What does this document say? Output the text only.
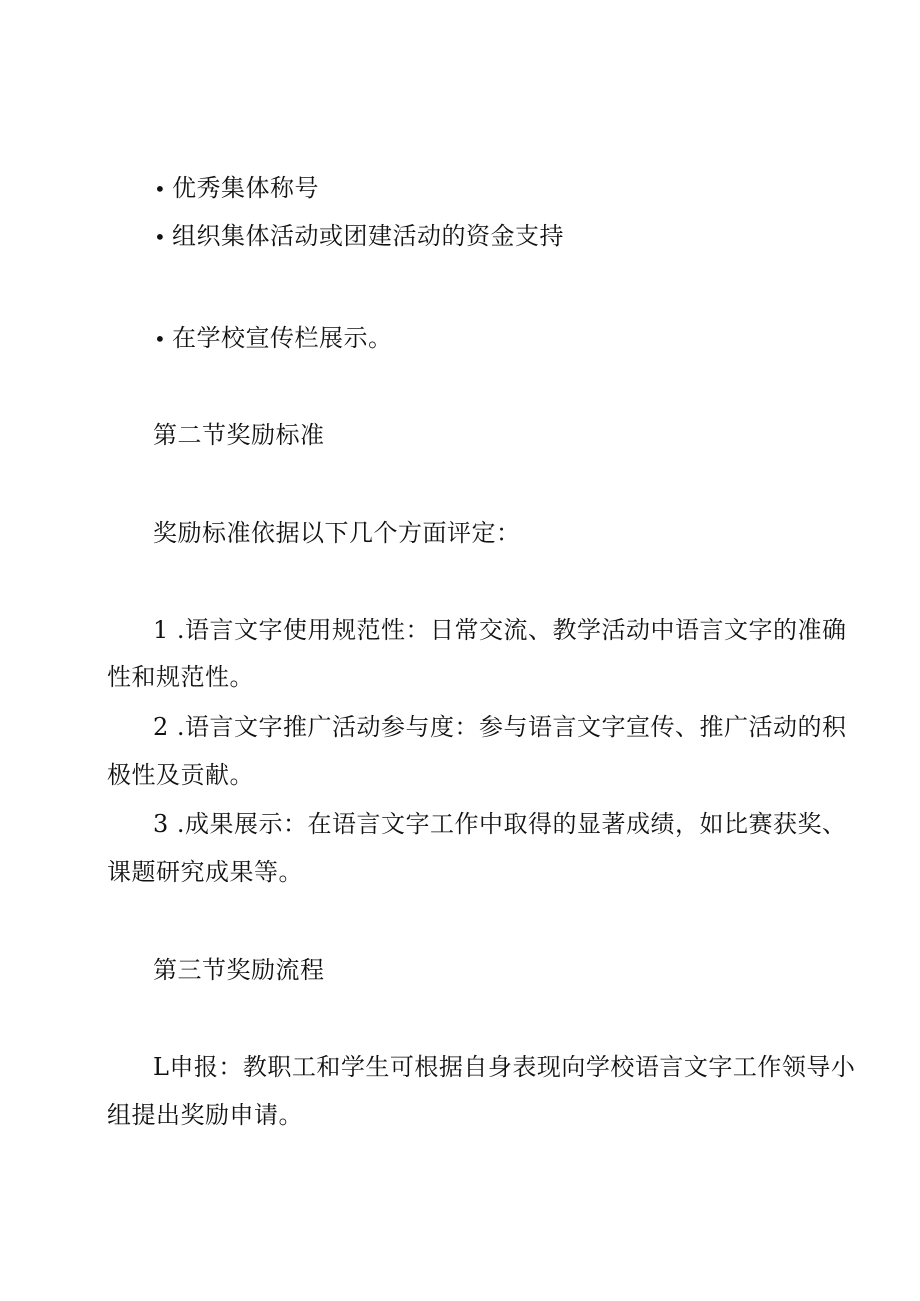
• 优秀集体称号
• 组织集体活动或团建活动的资金支持
• 在学校宣传栏展示。
第二节奖励标准
奖励标准依据以下几个方面评定：
1 .语言文字使用规范性：日常交流、教学活动中语言文字的准确
性和规范性。
2 .语言文字推广活动参与度：参与语言文字宣传、推广活动的积
极性及贡献。
3 .成果展示：在语言文字工作中取得的显著成绩，如比赛获奖、
课题研究成果等。
第三节奖励流程
L申报：教职工和学生可根据自身表现向学校语言文字工作领导小
组提出奖励申请。
